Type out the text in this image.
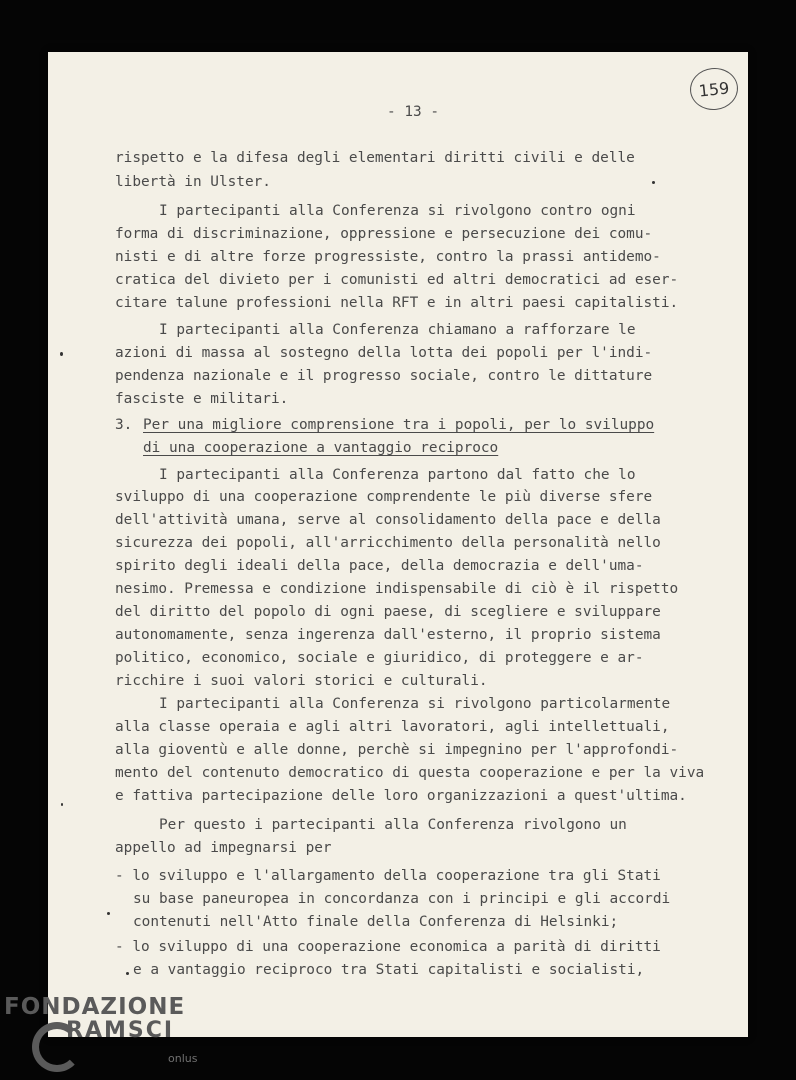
159
- 13 -
rispetto e la difesa degli elementari diritti civili e delle
libertà in Ulster.
I partecipanti alla Conferenza si rivolgono contro ogni
forma di discriminazione, oppressione e persecuzione dei comu-
nisti e di altre forze progressiste, contro la prassi antidemo-
cratica del divieto per i comunisti ed altri democratici ad eser-
citare talune professioni nella RFT e in altri paesi capitalisti.
I partecipanti alla Conferenza chiamano a rafforzare le
azioni di massa al sostegno della lotta dei popoli per l'indi-
pendenza nazionale e il progresso sociale, contro le dittature
fasciste e militari.
3. Per una migliore comprensione tra i popoli, per lo sviluppo
di una cooperazione a vantaggio reciproco
I partecipanti alla Conferenza partono dal fatto che lo
sviluppo di una cooperazione comprendente le più diverse sfere
dell'attività umana, serve al consolidamento della pace e della
sicurezza dei popoli, all'arricchimento della personalità nello
spirito degli ideali della pace, della democrazia e dell'uma-
nesimo. Premessa e condizione indispensabile di ciò è il rispetto
del diritto del popolo di ogni paese, di scegliere e sviluppare
autonomamente, senza ingerenza dall'esterno, il proprio sistema
politico, economico, sociale e giuridico, di proteggere e ar-
ricchire i suoi valori storici e culturali.
I partecipanti alla Conferenza si rivolgono particolarmente
alla classe operaia e agli altri lavoratori, agli intellettuali,
alla gioventù e alle donne, perchè si impegnino per l'approfondi-
mento del contenuto democratico di questa cooperazione e per la viva
e fattiva partecipazione delle loro organizzazioni a quest'ultima.
Per questo i partecipanti alla Conferenza rivolgono un
appello ad impegnarsi per
- lo sviluppo e l'allargamento della cooperazione tra gli Stati
su base paneuropea in concordanza con i principi e gli accordi
contenuti nell'Atto finale della Conferenza di Helsinki;
- lo sviluppo di una cooperazione economica a parità di diritti
e a vantaggio reciproco tra Stati capitalisti e socialisti,
FONDAZIONE
RAMSCI
onlus
